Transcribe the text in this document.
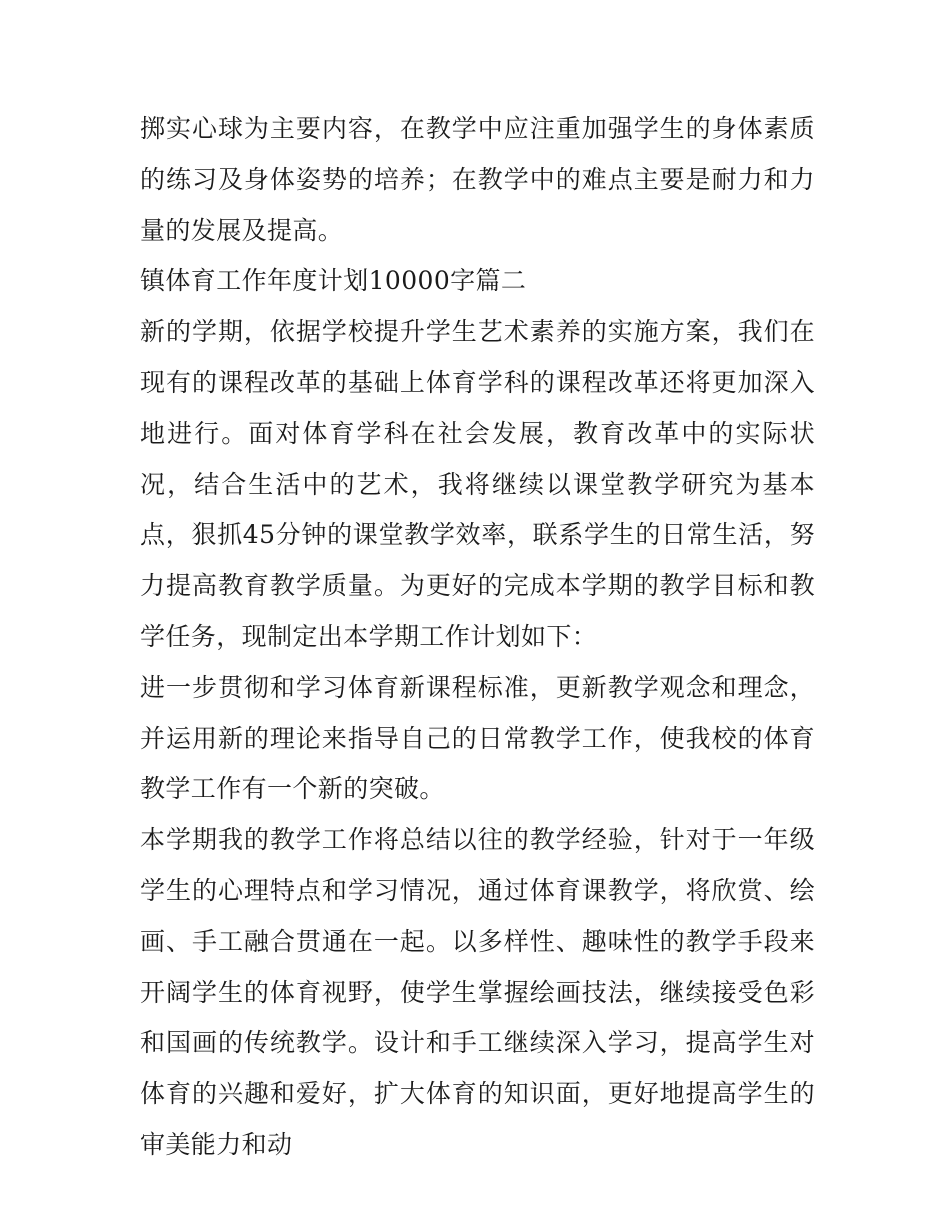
掷实心球为主要内容，在教学中应注重加强学生的身体素质的练习及身体姿势的培养；在教学中的难点主要是耐力和力量的发展及提高。

镇体育工作年度计划10000字篇二

新的学期，依据学校提升学生艺术素养的实施方案，我们在现有的课程改革的基础上体育学科的课程改革还将更加深入地进行。面对体育学科在社会发展，教育改革中的实际状况，结合生活中的艺术，我将继续以课堂教学研究为基本点，狠抓45分钟的课堂教学效率，联系学生的日常生活，努力提高教育教学质量。为更好的完成本学期的教学目标和教学任务，现制定出本学期工作计划如下：

进一步贯彻和学习体育新课程标准，更新教学观念和理念，并运用新的理论来指导自己的日常教学工作，使我校的体育教学工作有一个新的突破。

本学期我的教学工作将总结以往的教学经验，针对于一年级学生的心理特点和学习情况，通过体育课教学，将欣赏、绘画、手工融合贯通在一起。以多样性、趣味性的教学手段来开阔学生的体育视野，使学生掌握绘画技法，继续接受色彩和国画的传统教学。设计和手工继续深入学习，提高学生对体育的兴趣和爱好，扩大体育的知识面，更好地提高学生的审美能力和动
